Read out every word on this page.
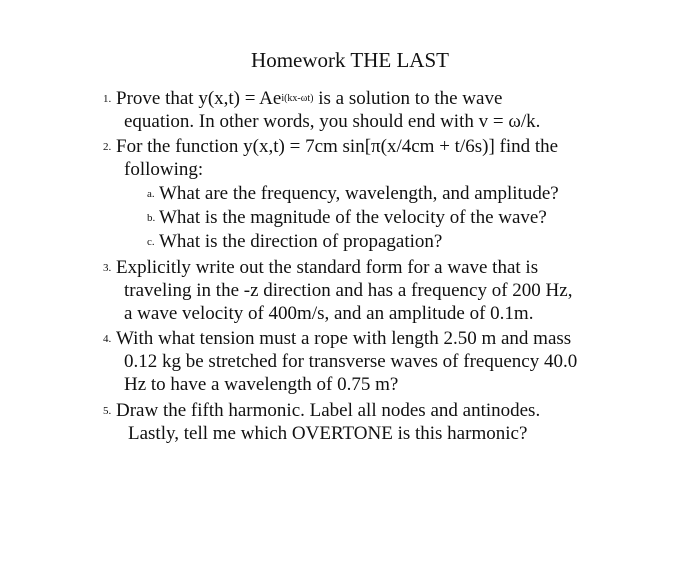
Homework THE LAST
1. Prove that $y(x,t) = Ae^{i(kx-\omega t)}$ is a solution to the wave
equation. In other words, you should end with v = ω/k.
2. For the function y(x,t) = 7cm sin[π(x/4cm + t/6s)] find the
following:
a. What are the frequency, wavelength, and amplitude?
b. What is the magnitude of the velocity of the wave?
c. What is the direction of propagation?
3. Explicitly write out the standard form for a wave that is
traveling in the -z direction and has a frequency of 200 Hz,
a wave velocity of 400m/s, and an amplitude of 0.1m.
4. With what tension must a rope with length 2.50 m and mass
0.12 kg be stretched for transverse waves of frequency 40.0
Hz to have a wavelength of 0.75 m?
5. Draw the fifth harmonic. Label all nodes and antinodes.
Lastly, tell me which OVERTONE is this harmonic?
